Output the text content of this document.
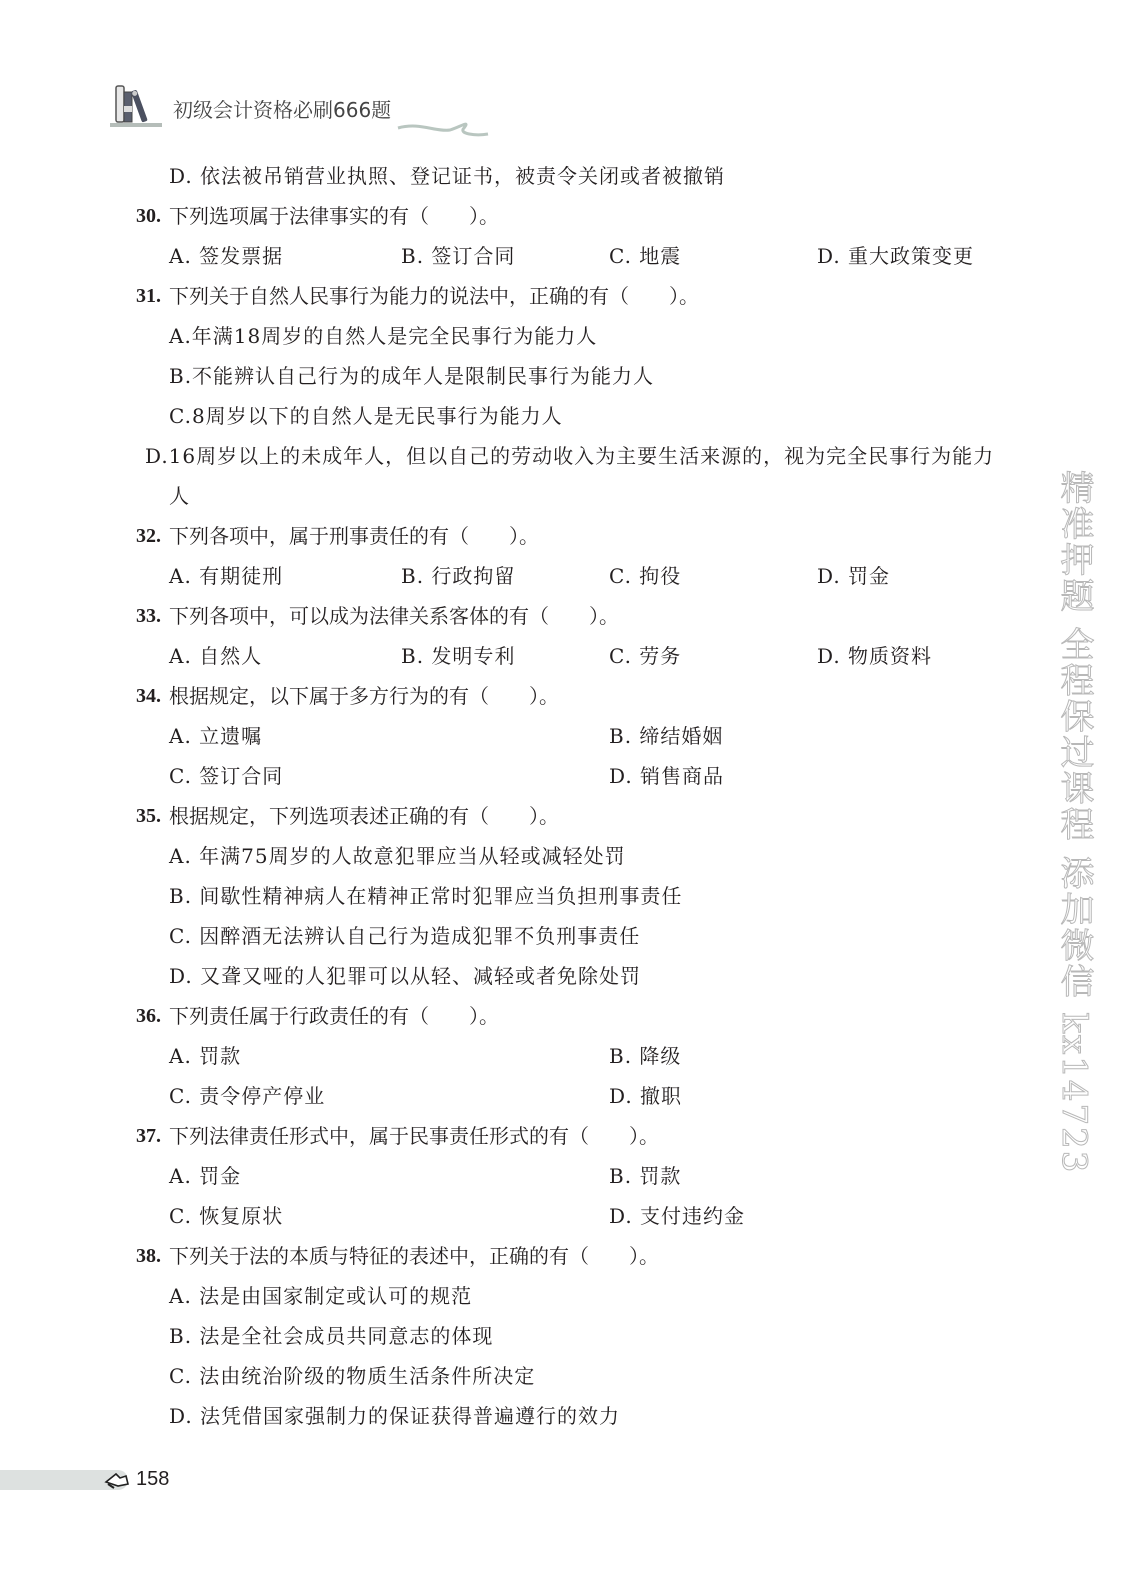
初级会计资格必刷666题
D. 依法被吊销营业执照、登记证书，被责令关闭或者被撤销
30. 下列选项属于法律事实的有（　　）。
A. 签发票据	B. 签订合同	C. 地震	D. 重大政策变更
31. 下列关于自然人民事行为能力的说法中，正确的有（　　）。
A.年满18周岁的自然人是完全民事行为能力人
B.不能辨认自己行为的成年人是限制民事行为能力人
C.8周岁以下的自然人是无民事行为能力人
D.16周岁以上的未成年人，但以自己的劳动收入为主要生活来源的，视为完全民事行为能力人
32. 下列各项中，属于刑事责任的有（　　）。
A. 有期徒刑	B. 行政拘留	C. 拘役	D. 罚金
33. 下列各项中，可以成为法律关系客体的有（　　）。
A. 自然人	B. 发明专利	C. 劳务	D. 物质资料
34. 根据规定，以下属于多方行为的有（　　）。
A. 立遗嘱	B. 缔结婚姻
C. 签订合同	D. 销售商品
35. 根据规定，下列选项表述正确的有（　　）。
A. 年满75周岁的人故意犯罪应当从轻或减轻处罚
B. 间歇性精神病人在精神正常时犯罪应当负担刑事责任
C. 因醉酒无法辨认自己行为造成犯罪不负刑事责任
D. 又聋又哑的人犯罪可以从轻、减轻或者免除处罚
36. 下列责任属于行政责任的有（　　）。
A. 罚款	B. 降级
C. 责令停产停业	D. 撤职
37. 下列法律责任形式中，属于民事责任形式的有（　　）。
A. 罚金	B. 罚款
C. 恢复原状	D. 支付违约金
38. 下列关于法的本质与特征的表述中，正确的有（　　）。
A. 法是由国家制定或认可的规范
B. 法是全社会成员共同意志的体现
C. 法由统治阶级的物质生活条件所决定
D. 法凭借国家强制力的保证获得普遍遵行的效力
精准押题 全程保过课程 添加微信 kx14723
158
